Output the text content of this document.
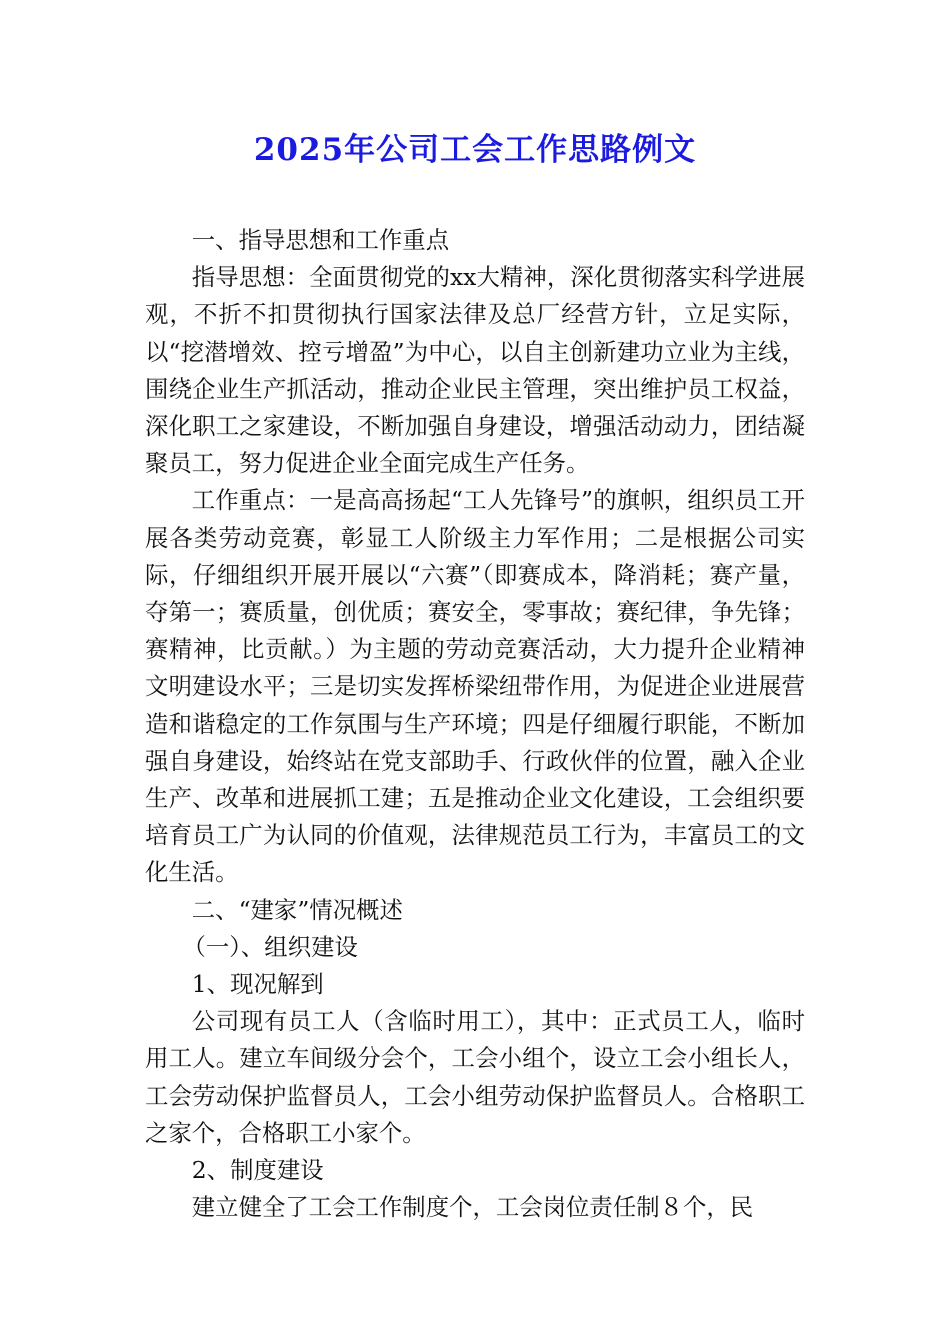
2025年公司工会工作思路例文

一、指导思想和工作重点

指导思想：全面贯彻党的xx大精神，深化贯彻落实科学进展观，不折不扣贯彻执行国家法律及总厂经营方针，立足实际，以“挖潜增效、控亏增盈”为中心，以自主创新建功立业为主线，围绕企业生产抓活动，推动企业民主管理，突出维护员工权益，深化职工之家建设，不断加强自身建设，增强活动动力，团结凝聚员工，努力促进企业全面完成生产任务。

工作重点：一是高高扬起“工人先锋号”的旗帜，组织员工开展各类劳动竞赛，彰显工人阶级主力军作用；二是根据公司实际，仔细组织开展开展以“六赛”（即赛成本，降消耗；赛产量，夺第一；赛质量，创优质；赛安全，零事故；赛纪律，争先锋；赛精神，比贡献。）为主题的劳动竞赛活动，大力提升企业精神文明建设水平；三是切实发挥桥梁纽带作用，为促进企业进展营造和谐稳定的工作氛围与生产环境；四是仔细履行职能，不断加强自身建设，始终站在党支部助手、行政伙伴的位置，融入企业生产、改革和进展抓工建；五是推动企业文化建设，工会组织要培育员工广为认同的价值观，法律规范员工行为，丰富员工的文化生活。

二、“建家”情况概述

（一）、组织建设

1、现况解到

公司现有员工人（含临时用工），其中：正式员工人，临时用工人。建立车间级分会个，工会小组个，设立工会小组长人，工会劳动保护监督员人，工会小组劳动保护监督员人。合格职工之家个，合格职工小家个。

2、制度建设

建立健全了工会工作制度个，工会岗位责任制８个，民
